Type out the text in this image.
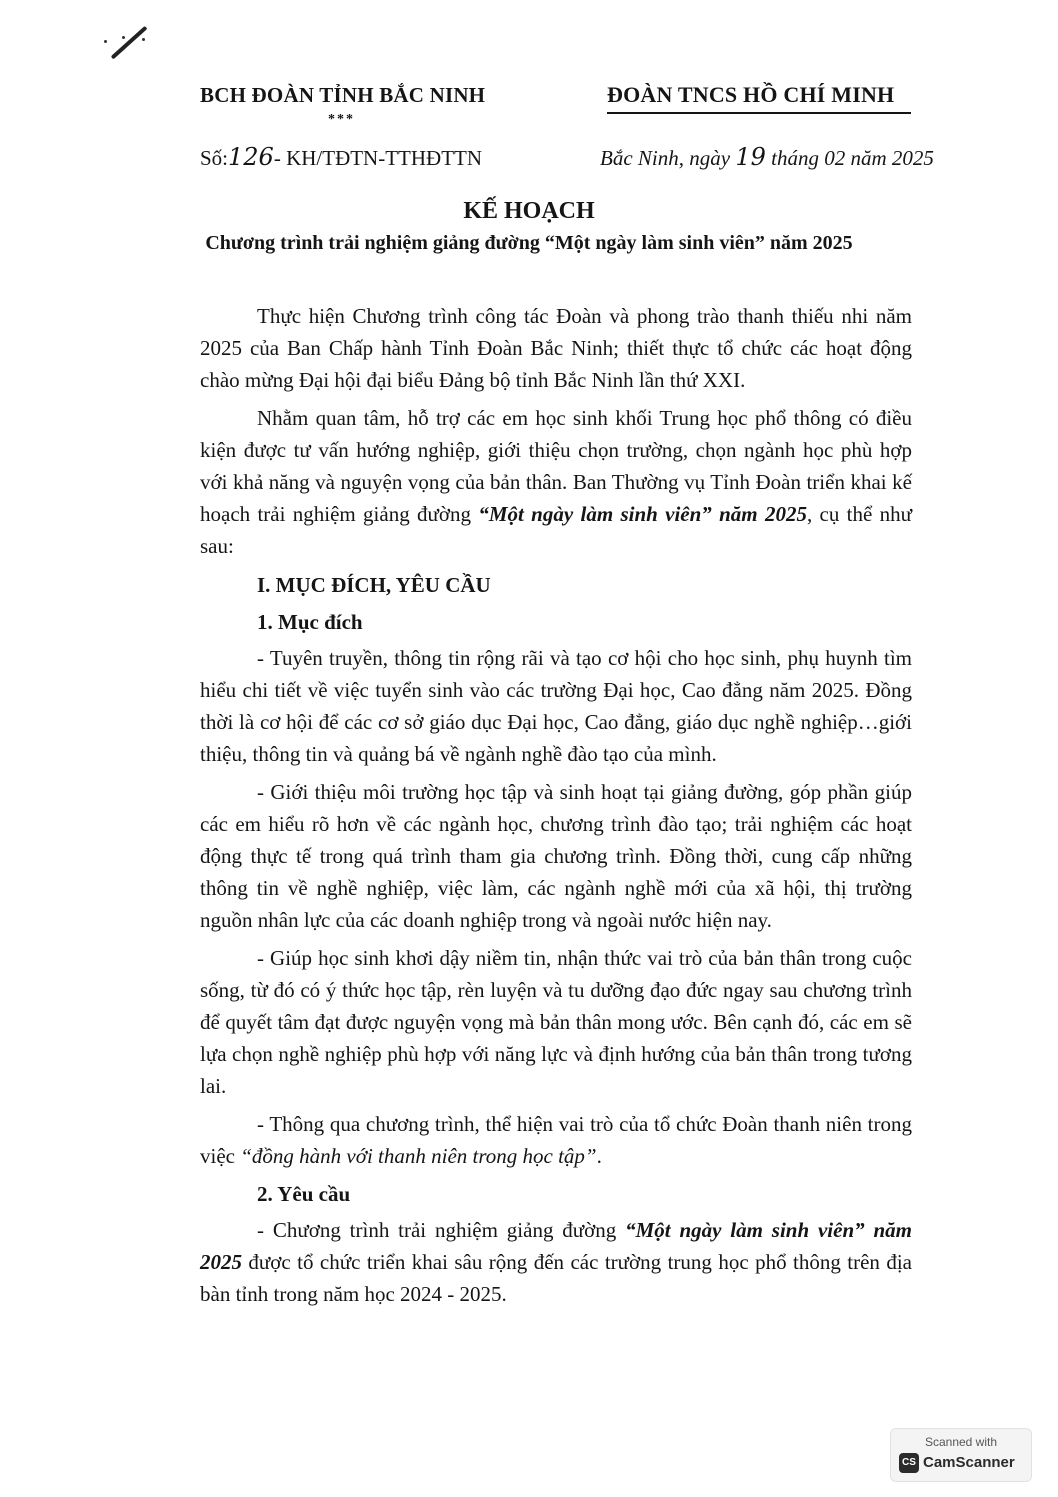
BCH ĐOÀN TỈNH BẮC NINH
***
ĐOÀN TNCS HỒ CHÍ MINH
Số:126- KH/TĐTN-TTHĐTTN	Bắc Ninh, ngày 19 tháng 02 năm 2025
KẾ HOẠCH
Chương trình trải nghiệm giảng đường “Một ngày làm sinh viên” năm 2025

Thực hiện Chương trình công tác Đoàn và phong trào thanh thiếu nhi năm 2025 của Ban Chấp hành Tỉnh Đoàn Bắc Ninh; thiết thực tổ chức các hoạt động chào mừng Đại hội đại biểu Đảng bộ tỉnh Bắc Ninh lần thứ XXI.

Nhằm quan tâm, hỗ trợ các em học sinh khối Trung học phổ thông có điều kiện được tư vấn hướng nghiệp, giới thiệu chọn trường, chọn ngành học phù hợp với khả năng và nguyện vọng của bản thân. Ban Thường vụ Tỉnh Đoàn triển khai kế hoạch trải nghiệm giảng đường “Một ngày làm sinh viên” năm 2025, cụ thể như sau:

I. MỤC ĐÍCH, YÊU CẦU
1. Mục đích

- Tuyên truyền, thông tin rộng rãi và tạo cơ hội cho học sinh, phụ huynh tìm hiểu chi tiết về việc tuyển sinh vào các trường Đại học, Cao đẳng năm 2025. Đồng thời là cơ hội để các cơ sở giáo dục Đại học, Cao đẳng, giáo dục nghề nghiệp…giới thiệu, thông tin và quảng bá về ngành nghề đào tạo của mình.

- Giới thiệu môi trường học tập và sinh hoạt tại giảng đường, góp phần giúp các em hiểu rõ hơn về các ngành học, chương trình đào tạo; trải nghiệm các hoạt động thực tế trong quá trình tham gia chương trình. Đồng thời, cung cấp những thông tin về nghề nghiệp, việc làm, các ngành nghề mới của xã hội, thị trường nguồn nhân lực của các doanh nghiệp trong và ngoài nước hiện nay.

- Giúp học sinh khơi dậy niềm tin, nhận thức vai trò của bản thân trong cuộc sống, từ đó có ý thức học tập, rèn luyện và tu dưỡng đạo đức ngay sau chương trình để quyết tâm đạt được nguyện vọng mà bản thân mong ước. Bên cạnh đó, các em sẽ lựa chọn nghề nghiệp phù hợp với năng lực và định hướng của bản thân trong tương lai.

- Thông qua chương trình, thể hiện vai trò của tổ chức Đoàn thanh niên trong việc “đồng hành với thanh niên trong học tập”.

2. Yêu cầu

- Chương trình trải nghiệm giảng đường “Một ngày làm sinh viên” năm 2025 được tổ chức triển khai sâu rộng đến các trường trung học phổ thông trên địa bàn tỉnh trong năm học 2024 - 2025.

Scanned with
CS CamScanner
